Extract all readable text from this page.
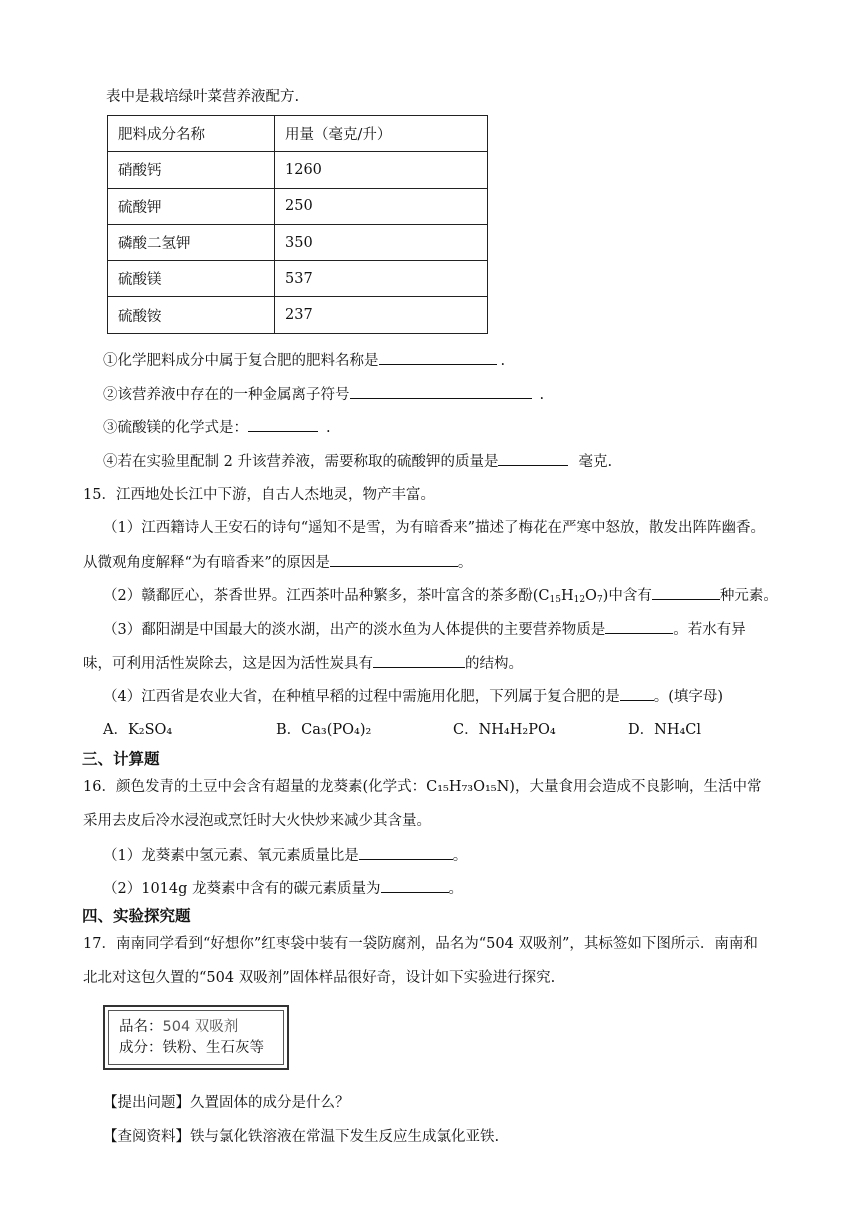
表中是栽培绿叶菜营养液配方.
肥料成分名称	用量（毫克/升）
硝酸钙	1260
硫酸钾	250
磷酸二氢钾	350
硫酸镁	537
硫酸铵	237
①化学肥料成分中属于复合肥的肥料名称是	.
②该营养液中存在的一种金属离子符号	.
③硫酸镁的化学式是：	.
④若在实验里配制 2 升该营养液，需要称取的硫酸钾的质量是	毫克.
15．江西地处长江中下游，自古人杰地灵，物产丰富。
（1）江西籍诗人王安石的诗句“遥知不是雪，为有暗香来”描述了梅花在严寒中怒放，散发出阵阵幽香。
从微观角度解释“为有暗香来”的原因是	。
（2）赣鄱匠心，茶香世界。江西茶叶品种繁多，茶叶富含的茶多酚$(C_{15}H_{12}O_7)$中含有	种元素。
（3）鄱阳湖是中国最大的淡水湖，出产的淡水鱼为人体提供的主要营养物质是	。若水有异
味，可利用活性炭除去，这是因为活性炭具有	的结构。
（4）江西省是农业大省，在种植早稻的过程中需施用化肥，下列属于复合肥的是 。(填字母)
A．K₂SO₄	B．Ca₃(PO₄)₂	C．NH₄H₂PO₄	D．NH₄Cl
三、计算题
16．颜色发青的土豆中会含有超量的龙葵素(化学式：C₁₅H₇₃O₁₅N)，大量食用会造成不良影响，生活中常
采用去皮后冷水浸泡或烹饪时大火快炒来减少其含量。
（1）龙葵素中氢元素、氧元素质量比是	。
（2）1014g 龙葵素中含有的碳元素质量为	。
四、实验探究题
17．南南同学看到“好想你”红枣袋中装有一袋防腐剂，品名为“504 双吸剂”，其标签如下图所示．南南和
北北对这包久置的“504 双吸剂”固体样品很好奇，设计如下实验进行探究.
品名：504 双吸剂
成分：铁粉、生石灰等
【提出问题】久置固体的成分是什么？
【查阅资料】铁与氯化铁溶液在常温下发生反应生成氯化亚铁.
